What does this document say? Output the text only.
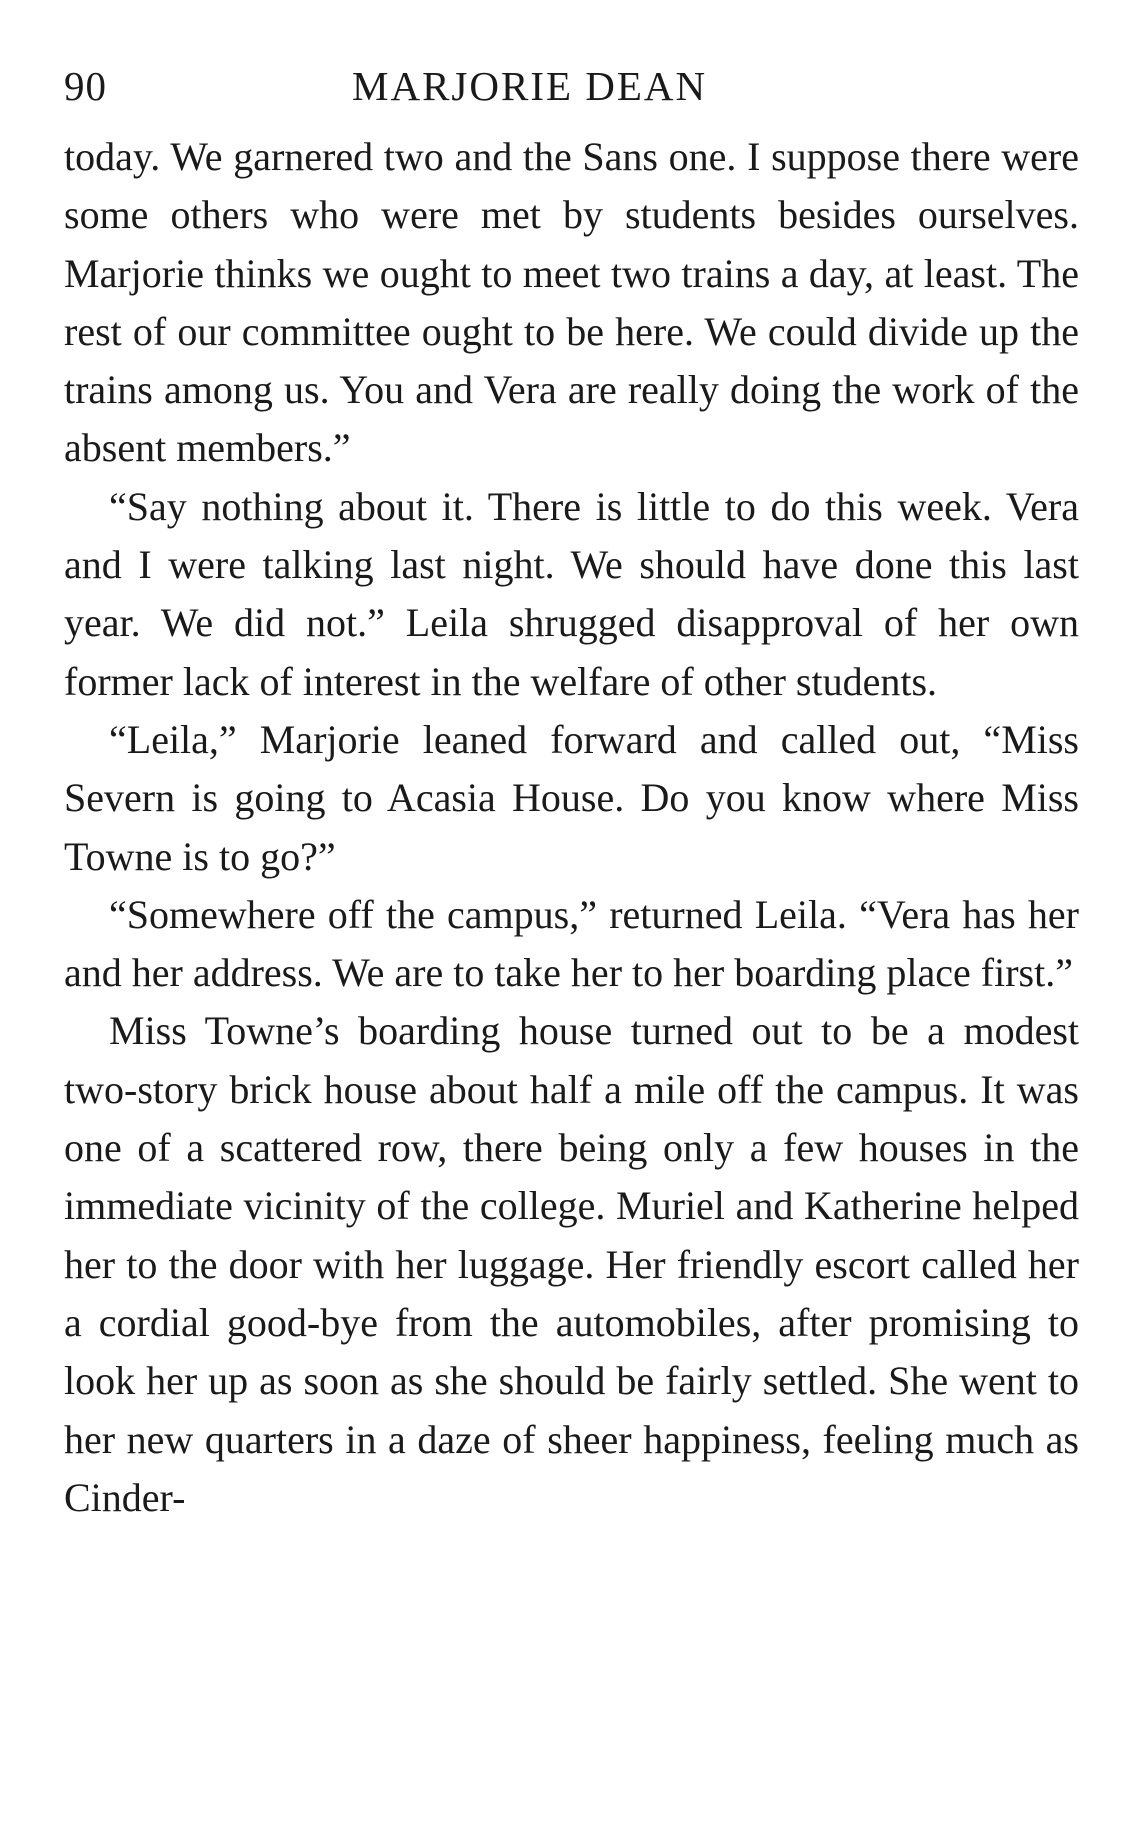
90	MARJORIE DEAN

today. We garnered two and the Sans one. I suppose there were some others who were met by students besides ourselves. Marjorie thinks we ought to meet two trains a day, at least. The rest of our committee ought to be here. We could divide up the trains among us. You and Vera are really doing the work of the absent members.”

“Say nothing about it. There is little to do this week. Vera and I were talking last night. We should have done this last year. We did not.” Leila shrugged disapproval of her own former lack of interest in the welfare of other students.

“Leila,” Marjorie leaned forward and called out, “Miss Severn is going to Acasia House. Do you know where Miss Towne is to go?”

“Somewhere off the campus,” returned Leila. “Vera has her and her address. We are to take her to her boarding place first.”

Miss Towne’s boarding house turned out to be a modest two-story brick house about half a mile off the campus. It was one of a scattered row, there being only a few houses in the immediate vicinity of the college. Muriel and Katherine helped her to the door with her luggage. Her friendly escort called her a cordial good-bye from the automobiles, after promising to look her up as soon as she should be fairly settled. She went to her new quarters in a daze of sheer happiness, feeling much as Cinder-
